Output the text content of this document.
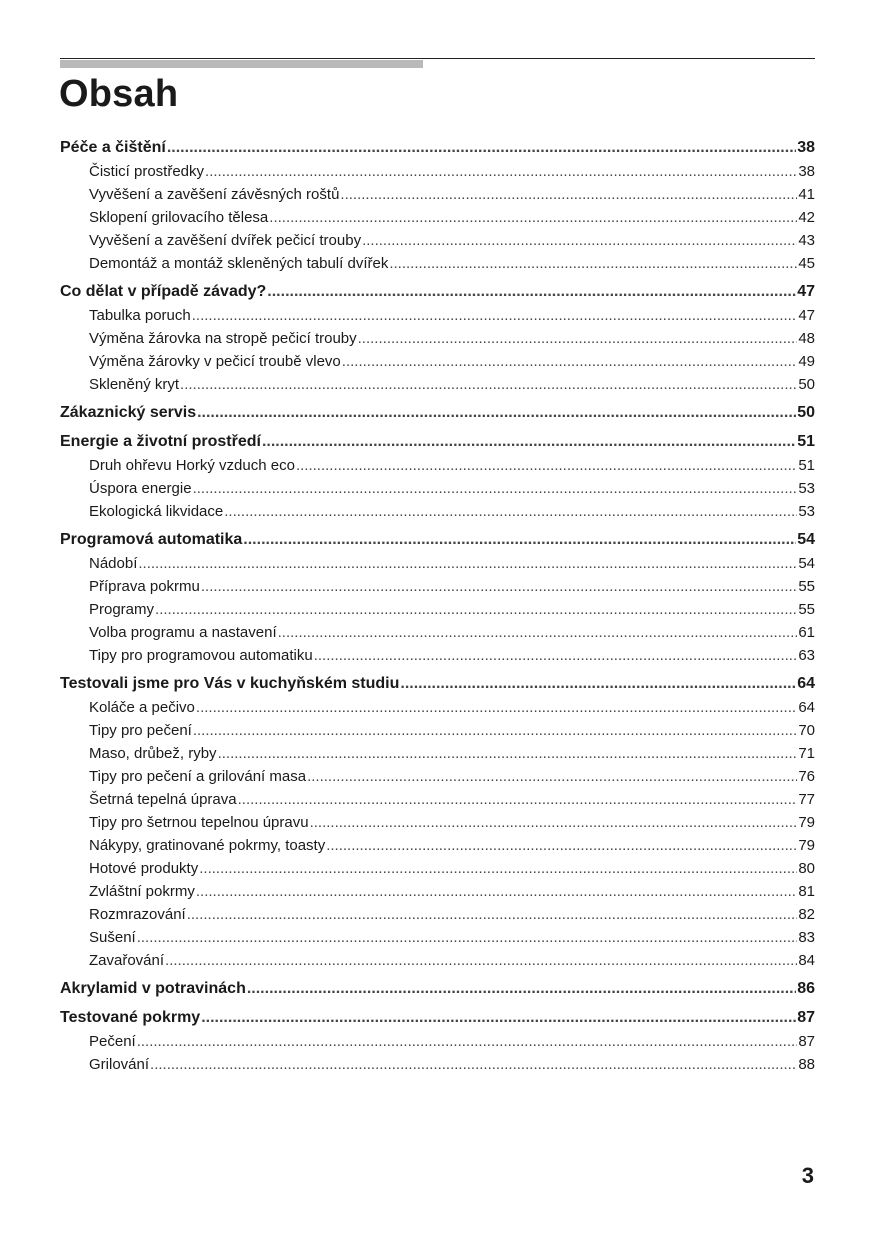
Obsah
Péče a čištění .....	38
Čisticí prostředky .....	38
Vyvěšení a zavěšení závěsných roštů .....	41
Sklopení grilovacího tělesa .....	42
Vyvěšení a zavěšení dvířek pečicí trouby .....	43
Demontáž a montáž skleněných tabulí dvířek .....	45
Co dělat v případě závady? .....	47
Tabulka poruch .....	47
Výměna žárovka na stropě pečicí trouby .....	48
Výměna žárovky v pečicí troubě vlevo .....	49
Skleněný kryt .....	50
Zákaznický servis .....	50
Energie a životní prostředí .....	51
Druh ohřevu Horký vzduch eco .....	51
Úspora energie .....	53
Ekologická likvidace .....	53
Programová automatika .....	54
Nádobí .....	54
Příprava pokrmu .....	55
Programy .....	55
Volba programu a nastavení .....	61
Tipy pro programovou automatiku .....	63
Testovali jsme pro Vás v kuchyňském studiu .....	64
Koláče a pečivo .....	64
Tipy pro pečení .....	70
Maso, drůbež, ryby .....	71
Tipy pro pečení a grilování masa .....	76
Šetrná tepelná úprava .....	77
Tipy pro šetrnou tepelnou úpravu .....	79
Nákypy, gratinované pokrmy, toasty .....	79
Hotové produkty .....	80
Zvláštní pokrmy .....	81
Rozmrazování .....	82
Sušení .....	83
Zavařování .....	84
Akrylamid v potravinách .....	86
Testované pokrmy .....	87
Pečení .....	87
Grilování .....	88
3
